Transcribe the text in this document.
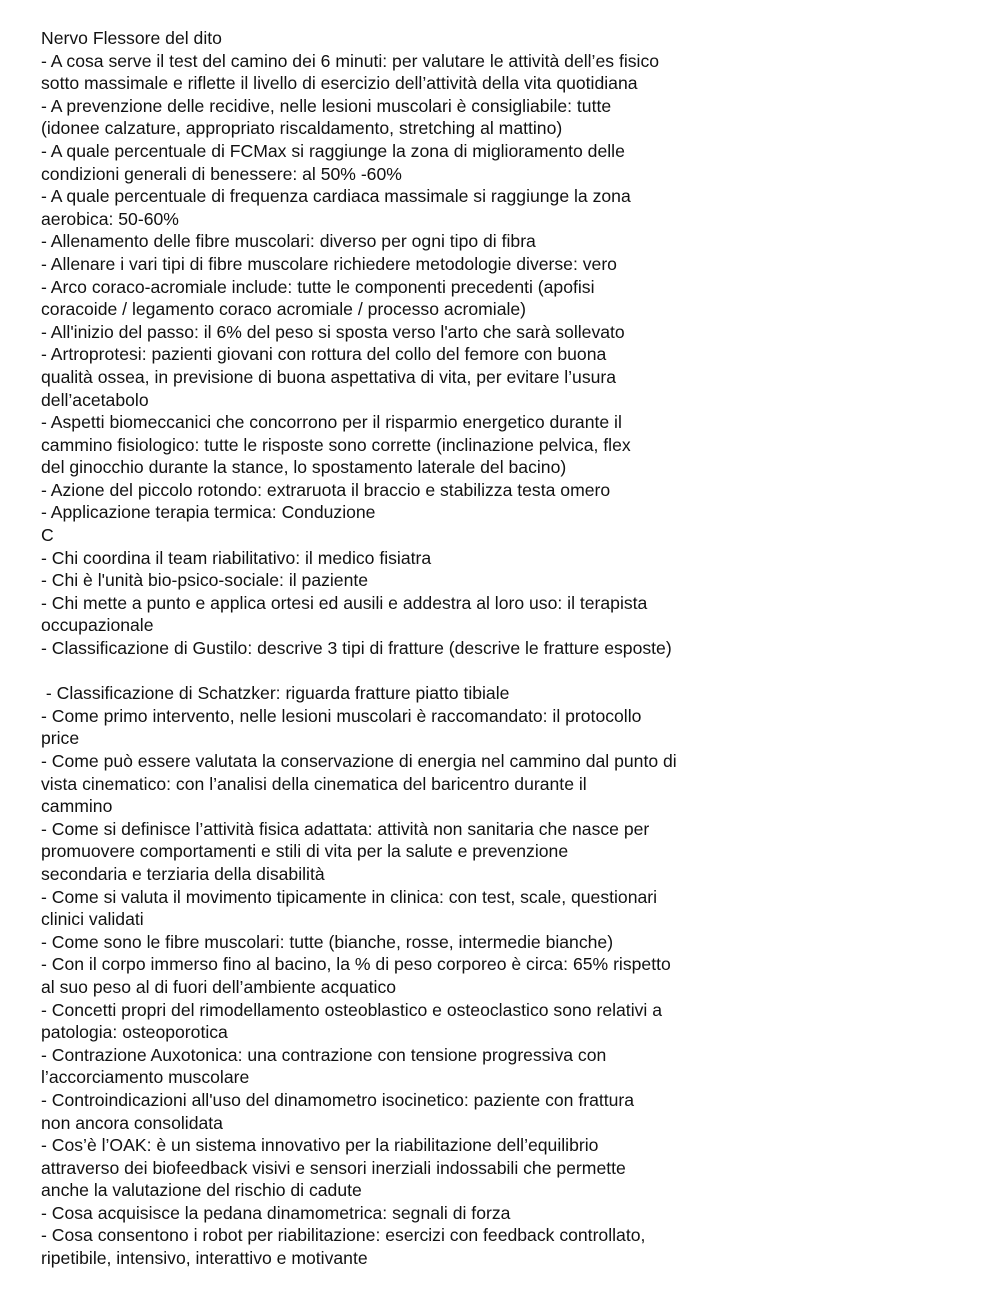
Nervo Flessore del dito
- A cosa serve il test del camino dei 6 minuti: per valutare le attività dell’es fisico
sotto massimale e riflette il livello di esercizio dell’attività della vita quotidiana
- A prevenzione delle recidive, nelle lesioni muscolari è consigliabile: tutte
(idonee calzature, appropriato riscaldamento, stretching al mattino)
- A quale percentuale di FCMax si raggiunge la zona di miglioramento delle
condizioni generali di benessere: al 50% -60%
- A quale percentuale di frequenza cardiaca massimale si raggiunge la zona
aerobica: 50-60%
- Allenamento delle fibre muscolari: diverso per ogni tipo di fibra
- Allenare i vari tipi di fibre muscolare richiedere metodologie diverse: vero
- Arco coraco-acromiale include: tutte le componenti precedenti (apofisi
coracoide / legamento coraco acromiale / processo acromiale)
- All'inizio del passo: il 6% del peso si sposta verso l'arto che sarà sollevato
- Artroprotesi: pazienti giovani con rottura del collo del femore con buona
qualità ossea, in previsione di buona aspettativa di vita, per evitare l’usura
dell’acetabolo
- Aspetti biomeccanici che concorrono per il risparmio energetico durante il
cammino fisiologico: tutte le risposte sono corrette (inclinazione pelvica, flex
del ginocchio durante la stance, lo spostamento laterale del bacino)
- Azione del piccolo rotondo: extraruota il braccio e stabilizza testa omero
- Applicazione terapia termica: Conduzione
C
- Chi coordina il team riabilitativo: il medico fisiatra
- Chi è l'unità bio-psico-sociale: il paziente
- Chi mette a punto e applica ortesi ed ausili e addestra al loro uso: il terapista
occupazionale
- Classificazione di Gustilo: descrive 3 tipi di fratture (descrive le fratture esposte)
- Classificazione di Schatzker: riguarda fratture piatto tibiale
- Come primo intervento, nelle lesioni muscolari è raccomandato: il protocollo
price
- Come può essere valutata la conservazione di energia nel cammino dal punto di
vista cinematico: con l’analisi della cinematica del baricentro durante il
cammino
- Come si definisce l’attività fisica adattata: attività non sanitaria che nasce per
promuovere comportamenti e stili di vita per la salute e prevenzione
secondaria e terziaria della disabilità
- Come si valuta il movimento tipicamente in clinica: con test, scale, questionari
clinici validati
- Come sono le fibre muscolari: tutte (bianche, rosse, intermedie bianche)
- Con il corpo immerso fino al bacino, la % di peso corporeo è circa: 65% rispetto
al suo peso al di fuori dell’ambiente acquatico
- Concetti propri del rimodellamento osteoblastico e osteoclastico sono relativi a
patologia: osteoporotica
- Contrazione Auxotonica: una contrazione con tensione progressiva con
l’accorciamento muscolare
- Controindicazioni all'uso del dinamometro isocinetico: paziente con frattura
non ancora consolidata
- Cos’è l’OAK: è un sistema innovativo per la riabilitazione dell’equilibrio
attraverso dei biofeedback visivi e sensori inerziali indossabili che permette
anche la valutazione del rischio di cadute
- Cosa acquisisce la pedana dinamometrica: segnali di forza
- Cosa consentono i robot per riabilitazione: esercizi con feedback controllato,
ripetibile, intensivo, interattivo e motivante
